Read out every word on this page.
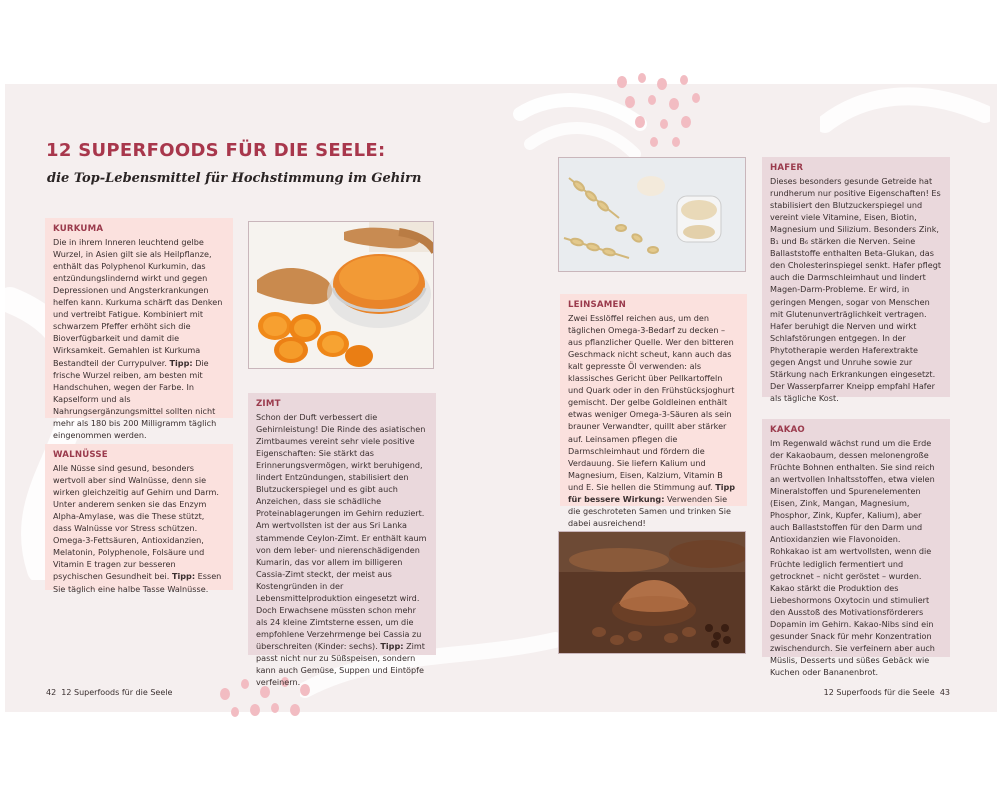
12 SUPERFOODS FÜR DIE SEELE:
die Top-Lebensmittel für Hochstimmung im Gehirn
KURKUMA

Die in ihrem Inneren leuchtend gelbe Wurzel, in Asien gilt sie als Heilpflanze, enthält das Polyphenol Kurkumin, das entzündungslindernd wirkt und gegen Depressionen und Angsterkrankungen helfen kann. Kurkuma schärft das Denken und vertreibt Fatigue. Kombiniert mit schwarzem Pfeffer erhöht sich die Bioverfügbarkeit und damit die Wirksamkeit. Gemahlen ist Kurkuma Bestandteil der Currypulver. Tipp: Die frische Wurzel reiben, am besten mit Handschuhen, wegen der Farbe. In Kapselform und als Nahrungsergänzungsmittel sollten nicht mehr als 180 bis 200 Milligramm täglich eingenommen werden.

ZIMT

Schon der Duft verbessert die Gehirnleistung! Die Rinde des asiatischen Zimtbaumes vereint sehr viele positive Eigenschaften: Sie stärkt das Erinnerungsvermögen, wirkt beruhigend, lindert Entzündungen, stabilisiert den Blutzuckerspiegel und es gibt auch Anzeichen, dass sie schädliche Proteinablagerungen im Gehirn reduziert. Am wertvollsten ist der aus Sri Lanka stammende Ceylon-Zimt. Er enthält kaum von dem leber- und nierenschädigenden Kumarin, das vor allem im billigeren Cassia-Zimt steckt, der meist aus Kostengründen in der Lebensmittelproduktion eingesetzt wird. Doch Erwachsene müssten schon mehr als 24 kleine Zimtsterne essen, um die empfohlene Verzehrmenge bei Cassia zu überschreiten (Kinder: sechs). Tipp: Zimt passt nicht nur zu Süßspeisen, sondern kann auch Gemüse, Suppen und Eintöpfe verfeinern.

WALNÜSSE

Alle Nüsse sind gesund, besonders wertvoll aber sind Walnüsse, denn sie wirken gleichzeitig auf Gehirn und Darm. Unter anderem senken sie das Enzym Alpha-Amylase, was die These stützt, dass Walnüsse vor Stress schützen. Omega-3-Fettsäuren, Antioxidanzien, Melatonin, Polyphenole, Folsäure und Vitamin E tragen zur besseren psychischen Gesundheit bei. Tipp: Essen Sie täglich eine halbe Tasse Walnüsse.

LEINSAMEN

Zwei Esslöffel reichen aus, um den täglichen Omega-3-Bedarf zu decken – aus pflanzlicher Quelle. Wer den bitteren Geschmack nicht scheut, kann auch das kalt gepresste Öl verwenden: als klassisches Gericht über Pellkartoffeln und Quark oder in den Frühstücksjoghurt gemischt. Der gelbe Goldleinen enthält etwas weniger Omega-3-Säuren als sein brauner Verwandter, quillt aber stärker auf. Leinsamen pflegen die Darmschleimhaut und fördern die Verdauung. Sie liefern Kalium und Magnesium, Eisen, Kalzium, Vitamin B und E. Sie hellen die Stimmung auf. Tipp für bessere Wirkung: Verwenden Sie die geschroteten Samen und trinken Sie dabei ausreichend!

HAFER

Dieses besonders gesunde Getreide hat rundherum nur positive Eigenschaften! Es stabilisiert den Blutzuckerspiegel und vereint viele Vitamine, Eisen, Biotin, Magnesium und Silizium. Besonders Zink, B₁ und B₆ stärken die Nerven. Seine Ballaststoffe enthalten Beta-Glukan, das den Cholesterinspiegel senkt. Hafer pflegt auch die Darmschleimhaut und lindert Magen-Darm-Probleme. Er wird, in geringen Mengen, sogar von Menschen mit Glutenunverträglichkeit vertragen. Hafer beruhigt die Nerven und wirkt Schlafstörungen entgegen. In der Phytotherapie werden Haferextrakte gegen Angst und Unruhe sowie zur Stärkung nach Erkrankungen eingesetzt. Der Wasserpfarrer Kneipp empfahl Hafer als tägliche Kost.

KAKAO

Im Regenwald wächst rund um die Erde der Kakaobaum, dessen melonengroße Früchte Bohnen enthalten. Sie sind reich an wertvollen Inhaltsstoffen, etwa vielen Mineralstoffen und Spurenelementen (Eisen, Zink, Mangan, Magnesium, Phosphor, Zink, Kupfer, Kalium), aber auch Ballaststoffen für den Darm und Antioxidanzien wie Flavonoiden. Rohkakao ist am wertvollsten, wenn die Früchte lediglich fermentiert und getrocknet – nicht geröstet – wurden. Kakao stärkt die Produktion des Liebeshormons Oxytocin und stimuliert den Ausstoß des Motivationsförderers Dopamin im Gehirn. Kakao-Nibs sind ein gesunder Snack für mehr Konzentration zwischendurch. Sie verfeinern aber auch Müslis, Desserts und süßes Gebäck wie Kuchen oder Bananenbrot.

42 12 Superfoods für die Seele	12 Superfoods für die Seele 43
